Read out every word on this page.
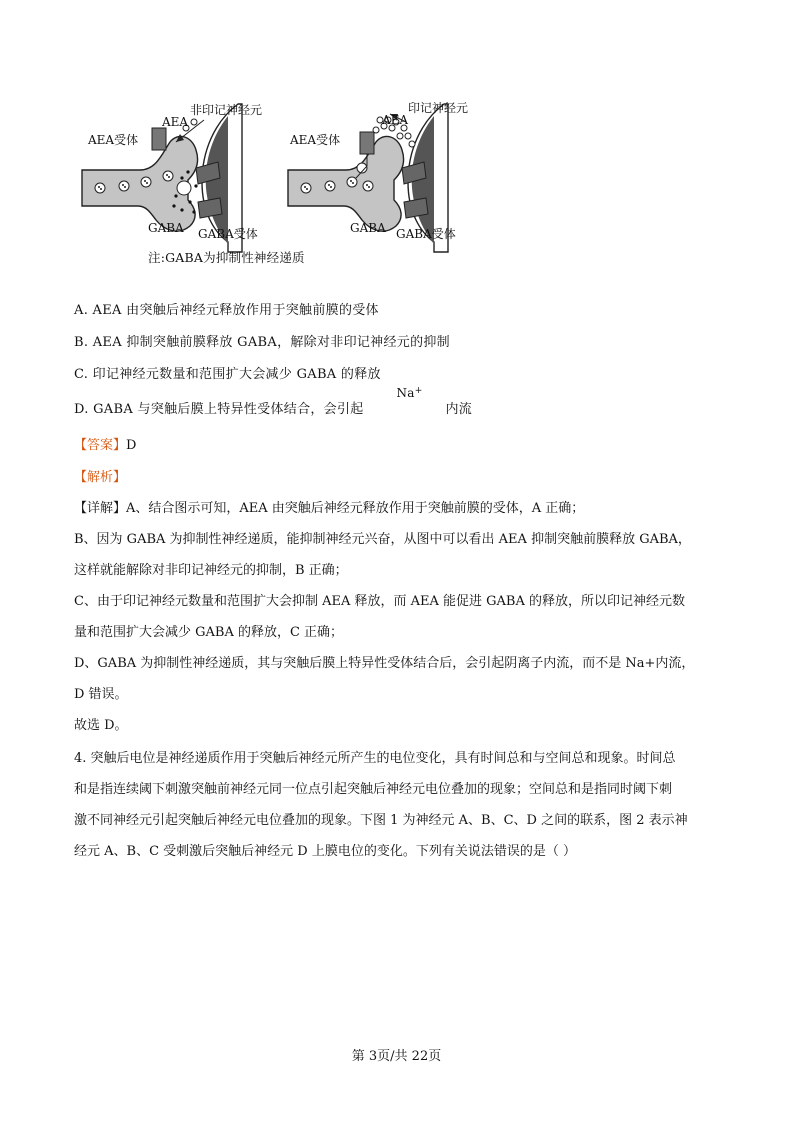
非印记神经元
AEA
AEA受体
GABA GABA受体
印记神经元
AEA
AEA受体
GABA GABA受体
注:GABA为抑制性神经递质
A. AEA 由突触后神经元释放作用于突触前膜的受体
B. AEA 抑制突触前膜释放 GABA，解除对非印记神经元的抑制
C. 印记神经元数量和范围扩大会减少 GABA 的释放
D. GABA 与突触后膜上特异性受体结合，会引起  Na+  内流
【答案】D
【解析】
【详解】A、结合图示可知，AEA 由突触后神经元释放作用于突触前膜的受体，A 正确；
B、因为 GABA 为抑制性神经递质，能抑制神经元兴奋，从图中可以看出 AEA 抑制突触前膜释放 GABA，
这样就能解除对非印记神经元的抑制，B 正确；
C、由于印记神经元数量和范围扩大会抑制 AEA 释放，而 AEA 能促进 GABA 的释放，所以印记神经元数
量和范围扩大会减少 GABA 的释放，C 正确；
D、GABA 为抑制性神经递质，其与突触后膜上特异性受体结合后，会引起阴离子内流，而不是 Na+内流，
D 错误。
故选 D。
4. 突触后电位是神经递质作用于突触后神经元所产生的电位变化，具有时间总和与空间总和现象。时间总
和是指连续阈下刺激突触前神经元同一位点引起突触后神经元电位叠加的现象；空间总和是指同时阈下刺
激不同神经元引起突触后神经元电位叠加的现象。下图 1 为神经元 A、B、C、D 之间的联系，图 2 表示神
经元 A、B、C 受刺激后突触后神经元 D 上膜电位的变化。下列有关说法错误的是（ ）
第 3页/共 22页
